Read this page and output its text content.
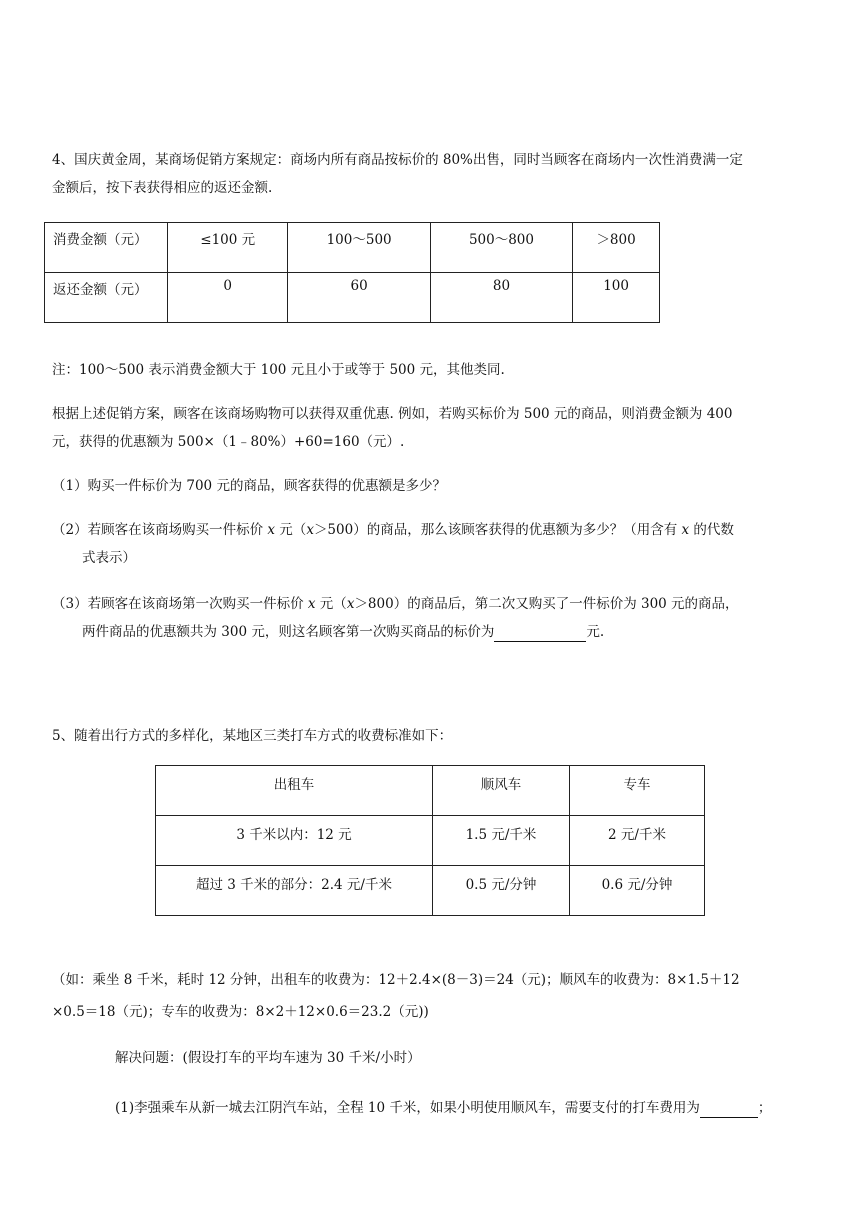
4、国庆黄金周，某商场促销方案规定：商场内所有商品按标价的 80%出售，同时当顾客在商场内一次性消费满一定
金额后，按下表获得相应的返还金额.
消费金额（元）	≤100 元	100～500	500～800	＞800
返还金额（元）	0	60	80	100
注：100～500 表示消费金额大于 100 元且小于或等于 500 元，其他类同.
根据上述促销方案，顾客在该商场购物可以获得双重优惠. 例如，若购买标价为 500 元的商品，则消费金额为 400
元，获得的优惠额为 500×（1﹣80%）+60=160（元）.
（1）购买一件标价为 700 元的商品，顾客获得的优惠额是多少？
（2）若顾客在该商场购买一件标价 x 元（x＞500）的商品，那么该顾客获得的优惠额为多少？（用含有 x 的代数
式表示）
（3）若顾客在该商场第一次购买一件标价 x 元（x＞800）的商品后，第二次又购买了一件标价为 300 元的商品，
两件商品的优惠额共为 300 元，则这名顾客第一次购买商品的标价为	元.
5、随着出行方式的多样化，某地区三类打车方式的收费标准如下：
出租车	顺风车	专车
3 千米以内：12 元	1.5 元/千米	2 元/千米
超过 3 千米的部分：2.4 元/千米	0.5 元/分钟	0.6 元/分钟
（如：乘坐 8 千米，耗时 12 分钟，出租车的收费为：12＋2.4×(8－3)＝24（元)；顺风车的收费为：8×1.5＋12
×0.5＝18（元)；专车的收费为：8×2＋12×0.6＝23.2（元))
解决问题：(假设打车的平均车速为 30 千米/小时）
(1)李强乘车从新一城去江阴汽车站，全程 10 千米，如果小明使用顺风车，需要支付的打车费用为	；
